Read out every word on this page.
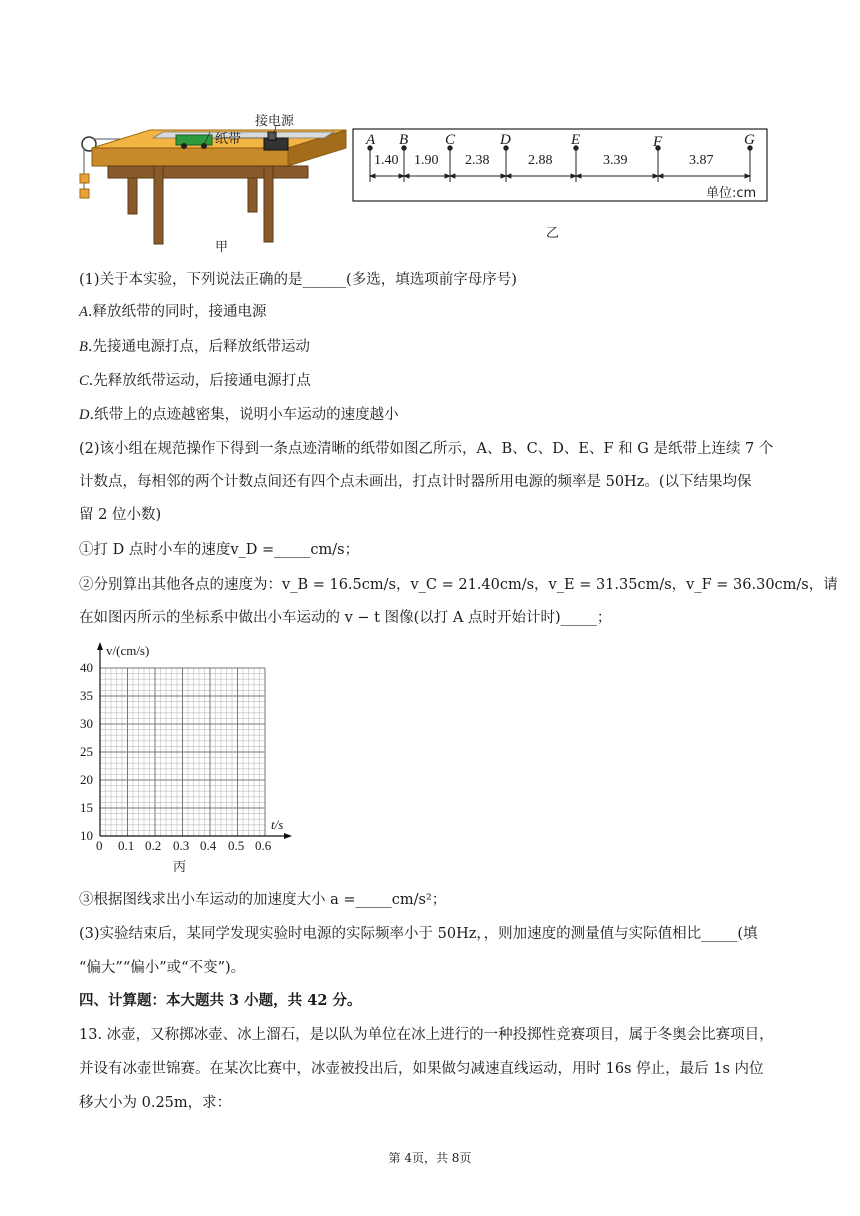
接电源
纸带
甲
A B C	D	E	F	G
1.40 1.90 2.38	2.88	3.39	3.87
单位:cm
乙
(1)关于本实验，下列说法正确的是______(多选，填选项前字母序号)
A.释放纸带的同时，接通电源
B.先接通电源打点，后释放纸带运动
C.先释放纸带运动，后接通电源打点
D.纸带上的点迹越密集，说明小车运动的速度越小
(2)该小组在规范操作下得到一条点迹清晰的纸带如图乙所示，A、B、C、D、E、F 和 G 是纸带上连续 7 个
计数点，每相邻的两个计数点间还有四个点未画出，打点计时器所用电源的频率是 50Hz。(以下结果均保
留 2 位小数)
①打 D 点时小车的速度v_D =_____cm/s；
②分别算出其他各点的速度为：v_B = 16.5cm/s，v_C = 21.40cm/s，v_E = 31.35cm/s，v_F = 36.30cm/s，请
在如图丙所示的坐标系中做出小车运动的 v − t 图像(以打 A 点时开始计时)_____；
v/(cm/s)
t/s
40
35
30
25
20
15
10
0 0.1 0.2 0.3 0.4 0.5 0.6
丙
③根据图线求出小车运动的加速度大小 a =_____cm/s²；
(3)实验结束后，某同学发现实验时电源的实际频率小于 50Hz，，则加速度的测量值与实际值相比_____(填
“偏大”“偏小”或“不变”)。
四、计算题：本大题共 3 小题，共 42 分。
13. 冰壶，又称掷冰壶、冰上溜石，是以队为单位在冰上进行的一种投掷性竞赛项目，属于冬奥会比赛项目，
并设有冰壶世锦赛。在某次比赛中，冰壶被投出后，如果做匀减速直线运动，用时 16s 停止，最后 1s 内位
移大小为 0.25m，求：
第 4页，共 8页
